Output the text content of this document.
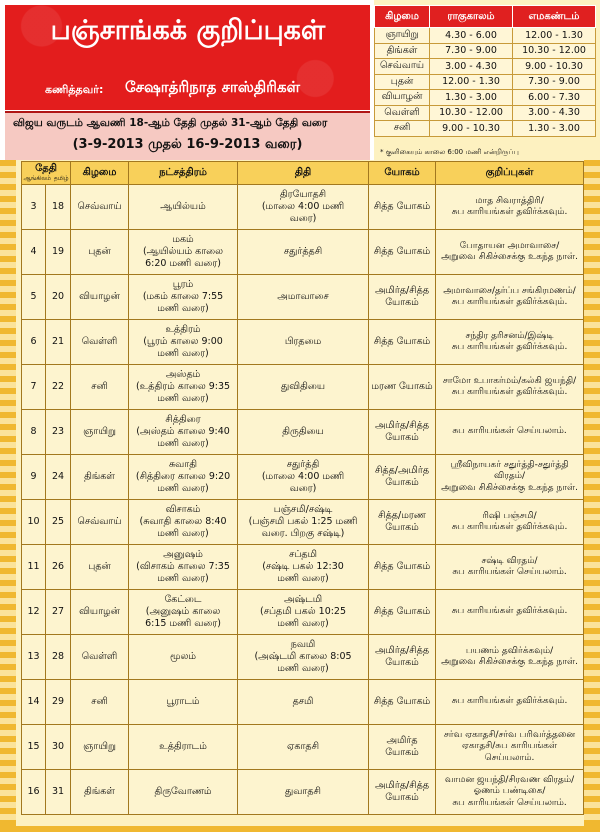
பஞ்சாங்கக் குறிப்புகள்
கணித்தவர்: சேஷாத்ரிநாத சாஸ்திரிகள்
விஜய வருடம் ஆவணி 18-ஆம் தேதி முதல் 31-ஆம் தேதி வரை
(3-9-2013 முதல் 16-9-2013 வரை)
கிழமை	ராகுகாலம்	எமகண்டம்
ஞாயிறு	4.30 - 6.00	12.00 - 1.30
திங்கள்	7.30 - 9.00	10.30 - 12.00
செவ்வாய்	3.00 - 4.30	9.00 - 10.30
புதன்	12.00 - 1.30	7.30 - 9.00
வியாழன்	1.30 - 3.00	6.00 - 7.30
வெள்ளி	10.30 - 12.00	3.00 - 4.30
சனி	9.00 - 10.30	1.30 - 3.00
* குளிகையும் காலை 6:00 மணி என்றிருப்பு
தேதி
ஆங்கிலம் தமிழ்		கிழமை	நட்சத்திரம்	திதி	யோகம்	குறிப்புகள்
3	18	செவ்வாய்	ஆயில்யம்	திரயோதசி
(மாலை 4:00 மணி
வரை)	சித்த யோகம்	மாத சிவராத்திரி/
சுப காரியங்கள் தவிர்க்கவும்.
4	19	புதன்	மகம்
(ஆயில்யம் காலை
6:20 மணி வரை)	சதுர்த்தசி	சித்த யோகம்	போதாயன அமாவாசை/
அறுவை சிகிச்சைக்கு உகந்த நாள்.
5	20	வியாழன்	பூரம்
(மகம் காலை 7:55
மணி வரை)	அமாவாசை	அமிர்த/சித்த
யோகம்	அமாவாசை/தர்ப்ப சங்கிரமணம்/
சுப காரியங்கள் தவிர்க்கவும்.
6	21	வெள்ளி	உத்திரம்
(பூரம் காலை 9:00
மணி வரை)	பிரதமை	சித்த யோகம்	சந்திர தரிசனம்/இஷ்டி
சுப காரியங்கள் தவிர்க்கவும்.
7	22	சனி	அஸ்தம்
(உத்திரம் காலை 9:35
மணி வரை)	துவிதியை	மரண யோகம்	சாமோ உபாகர்மம்/கல்கி ஜயந்தி/
சுப காரியங்கள் தவிர்க்கவும்.
8	23	ஞாயிறு	சித்திரை
(அஸ்தம் காலை 9:40
மணி வரை)	திருதியை	அமிர்த/சித்த
யோகம்	சுப காரியங்கள் செய்யலாம்.
9	24	திங்கள்	சுவாதி
(சித்திரை காலை 9:20
மணி வரை)	சதுர்த்தி
(மாலை 4:00 மணி
வரை)	சித்த/அமிர்த
யோகம்	ஸ்ரீவிநாயகர் சதுர்த்தி-சதுர்த்தி விரதம்/
அறுவை சிகிச்சைக்கு உகந்த நாள்.
10	25	செவ்வாய்	விசாகம்
(சுவாதி காலை 8:40
மணி வரை)	பஞ்சமி/சஷ்டி
(பஞ்சமி பகல் 1:25 மணி
வரை. பிறகு சஷ்டி)	சித்த/மரண
யோகம்	ரிஷி பஞ்சமி/
சுப காரியங்கள் தவிர்க்கவும்.
11	26	புதன்	அனுஷம்
(விசாகம் காலை 7:35
மணி வரை)	சப்தமி
(சஷ்டி பகல் 12:30
மணி வரை)	சித்த யோகம்	சஷ்டி விரதம்/
சுப காரியங்கள் செய்யலாம்.
12	27	வியாழன்	கேட்டை
(அனுஷம் காலை
6:15 மணி வரை)	அஷ்டமி
(சப்தமி பகல் 10:25
மணி வரை)	சித்த யோகம்	சுப காரியங்கள் தவிர்க்கவும்.
13	28	வெள்ளி	மூலம்	நவமி
(அஷ்டமி காலை 8:05
மணி வரை)	அமிர்த/சித்த
யோகம்	பயணம் தவிர்க்கவும்/
அறுவை சிகிச்சைக்கு உகந்த நாள்.
14	29	சனி	பூராடம்	தசமி	சித்த யோகம்	சுப காரியங்கள் தவிர்க்கவும்.
15	30	ஞாயிறு	உத்திராடம்	ஏகாதசி	அமிர்த யோகம்	சர்வ ஏகாதசி/சர்வ பரிவர்த்தனை
ஏகாதசி/சுப காரியங்கள் செய்யலாம்.
16	31	திங்கள்	திருவோணம்	துவாதசி	அமிர்த/சித்த
யோகம்	வாமன ஜயந்தி/சிரவண விரதம்/
ஓணம் பண்டிகை/
சுப காரியங்கள் செய்யலாம்.
